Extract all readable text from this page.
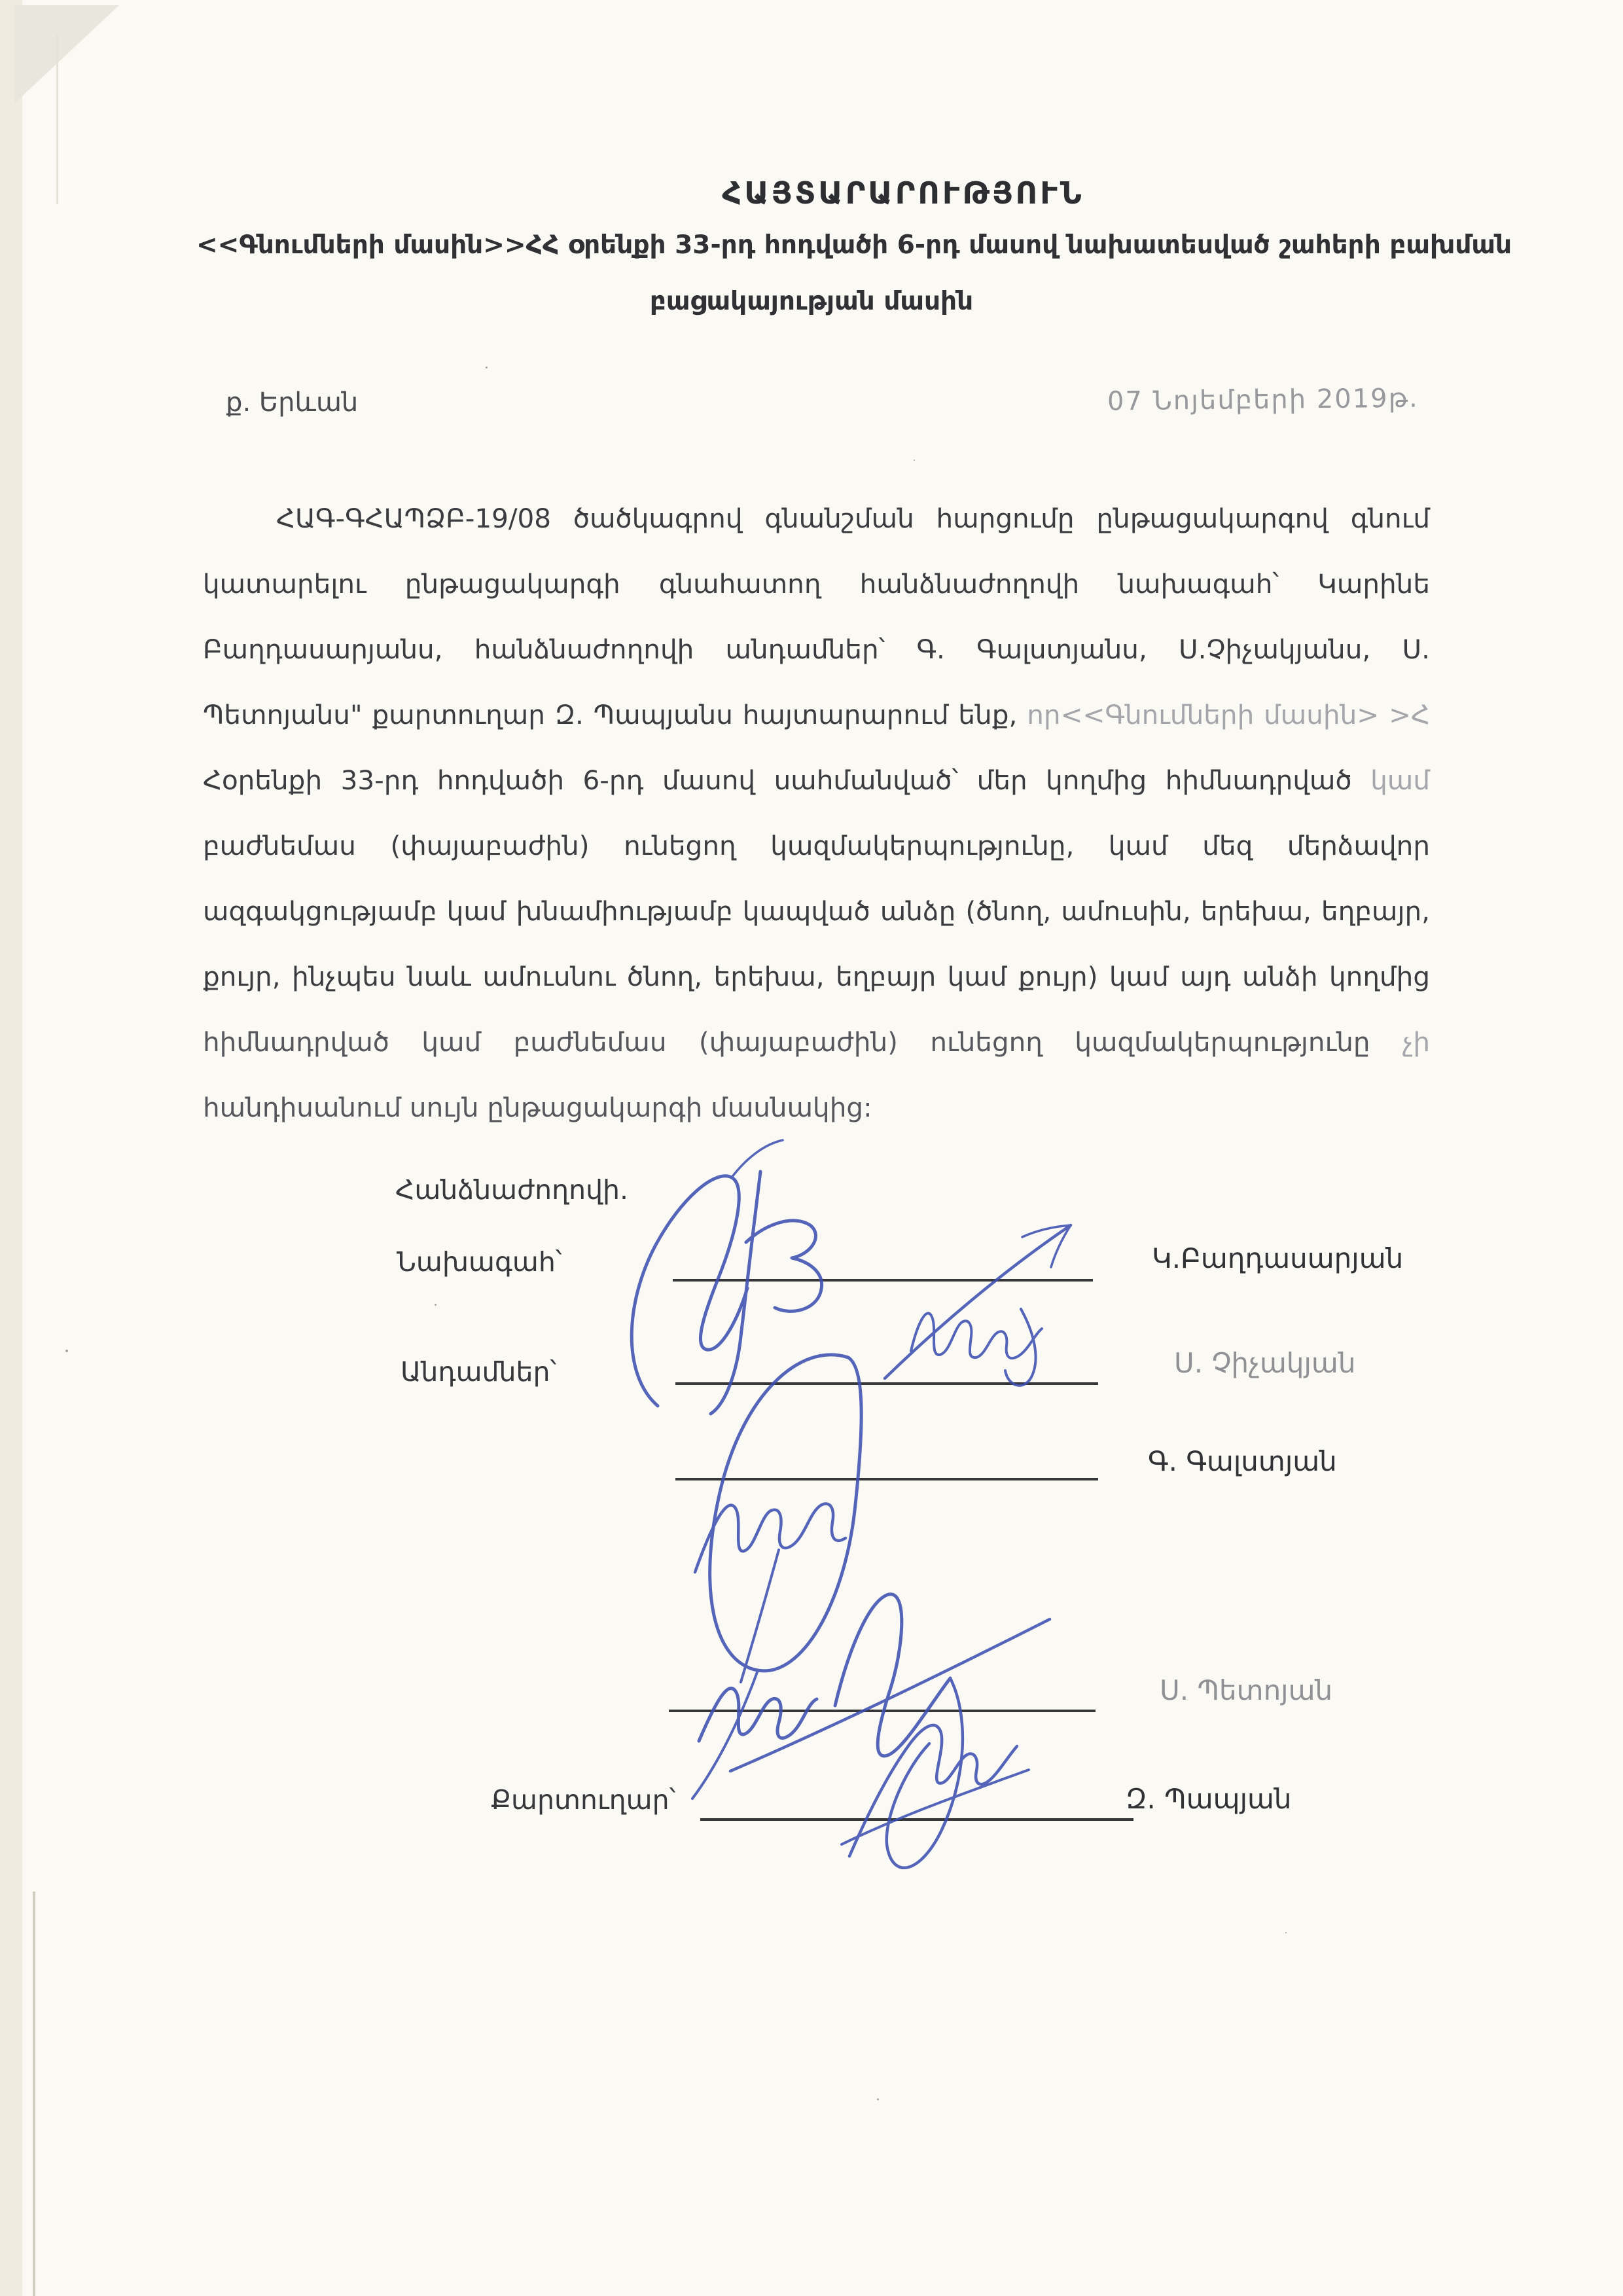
ՀԱՅՏԱՐԱՐՈՒԹՅՈՒՆ
<<Գնումների մասին>>ՀՀ օրենքի 33-րդ հոդվածի 6-րդ մասով նախատեսված շահերի բախման
բացակայության մասին
ք. Երևան	07 Նոյեմբերի 2019թ.
ՀԱԳ-ԳՀԱՊՁԲ-19/08 ծածկագրով գնանշման հարցումը ընթացակարգով գնում
կատարելու ընթացակարգի գնահատող հանձնաժողովի նախագահ՝ Կարինե
Բաղդասարյանս, հանձնաժողովի անդամներ՝ Գ. Գալստյանս, Ս.Չիչակյանս, Ս.
Պետոյանս" քարտուղար Զ. Պապյանս հայտարարում ենք, որ<<Գնումների մասին> >Հ
Հօրենքի 33-րդ հոդվածի 6-րդ մասով սահմանված՝ մեր կողմից հիմնադրված կամ
բաժնեմաս (փայաբաժին) ունեցող կազմակերպությունը, կամ մեզ մերձավոր
ազգակցությամբ կամ խնամիությամբ կապված անձը (ծնող, ամուսին, երեխա, եղբայր,
քույր, ինչպես նաև ամուսնու ծնող, երեխա, եղբայր կամ քույր) կամ այդ անձի կողմից
հիմնադրված կամ բաժնեմաս (փայաբաժին) ունեցող կազմակերպությունը չի
հանդիսանում սույն ընթացակարգի մասնակից:
Հանձնաժողովի.
Նախագահ՝	Կ.Բաղդասարյան
Անդամներ՝	Ս. Չիչակյան
Գ. Գալստյան
Ս. Պետոյան
Քարտուղար՝	Զ. Պապյան
